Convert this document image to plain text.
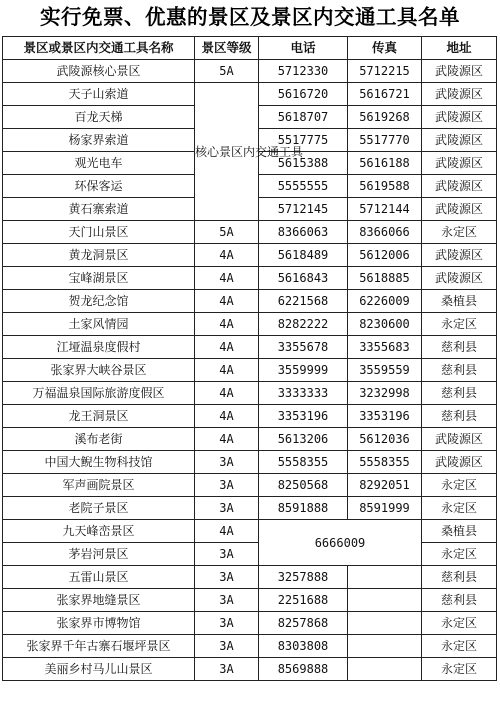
实行免票、优惠的景区及景区内交通工具名单
景区或景区内交通工具名称	景区等级	电话	传真	地址
武陵源核心景区	5A	5712330	5712215	武陵源区
天子山索道	核心景区内交通工具	5616720	5616721	武陵源区
百龙天梯		5618707	5619268	武陵源区
杨家界索道		5517775	5517770	武陵源区
观光电车		5615388	5616188	武陵源区
环保客运		5555555	5619588	武陵源区
黄石寨索道		5712145	5712144	武陵源区
天门山景区	5A	8366063	8366066	永定区
黄龙洞景区	4A	5618489	5612006	武陵源区
宝峰湖景区	4A	5616843	5618885	武陵源区
贺龙纪念馆	4A	6221568	6226009	桑植县
土家风情园	4A	8282222	8230600	永定区
江垭温泉度假村	4A	3355678	3355683	慈利县
张家界大峡谷景区	4A	3559999	3559559	慈利县
万福温泉国际旅游度假区	4A	3333333	3232998	慈利县
龙王洞景区	4A	3353196	3353196	慈利县
溪布老街	4A	5613206	5612036	武陵源区
中国大鲵生物科技馆	3A	5558355	5558355	武陵源区
军声画院景区	3A	8250568	8292051	永定区
老院子景区	3A	8591888	8591999	永定区
九天峰峦景区	4A	6666009		桑植县
茅岩河景区	3A			永定区
五雷山景区	3A	3257888		慈利县
张家界地缝景区	3A	2251688		慈利县
张家界市博物馆	3A	8257868		永定区
张家界千年古寨石堰坪景区	3A	8303808		永定区
美丽乡村马儿山景区	3A	8569888		永定区
